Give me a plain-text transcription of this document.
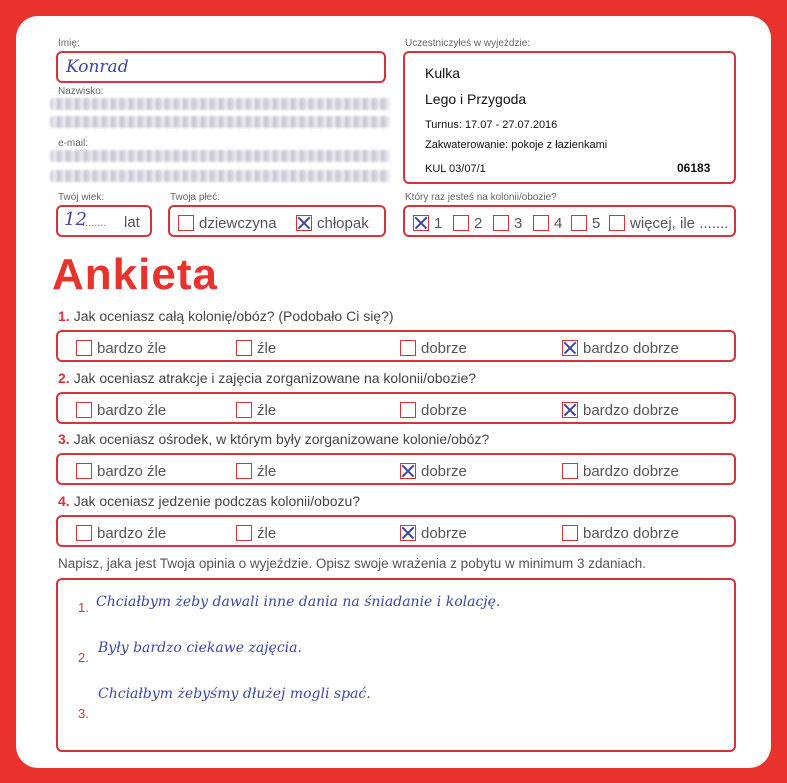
Imię:
Konrad
Nazwisko:
e-mail:
Twój wiek:
12
........ lat
Twoja płeć:
dziewczyna	chłopak
Uczestniczyłeś w wyjeździe:
Kulka
Lego i Przygoda
Turnus: 17.07 - 27.07.2016
Zakwaterowanie: pokoje z łazienkami
KUL 03/07/1	06183
Który raz jesteś na kolonii/obozie?
1	2	3	4	5	więcej, ile .......
Ankieta
1. Jak oceniasz całą kolonię/obóz? (Podobało Ci się?)
bardzo źle	źle	dobrze	bardzo dobrze
2. Jak oceniasz atrakcje i zajęcia zorganizowane na kolonii/obozie?
bardzo źle	źle	dobrze	bardzo dobrze
3. Jak oceniasz ośrodek, w którym były zorganizowane kolonie/obóz?
bardzo źle	źle	dobrze	bardzo dobrze
4. Jak oceniasz jedzenie podczas kolonii/obozu?
bardzo źle	źle	dobrze	bardzo dobrze
Napisz, jaka jest Twoja opinia o wyjeździe. Opisz swoje wrażenia z pobytu w minimum 3 zdaniach.
1. Chciałbym żeby dawali inne dania na śniadanie i kolację.
2.
Były bardzo ciekawe zajęcia.
3.
Chciałbym żebyśmy dłużej mogli spać.
